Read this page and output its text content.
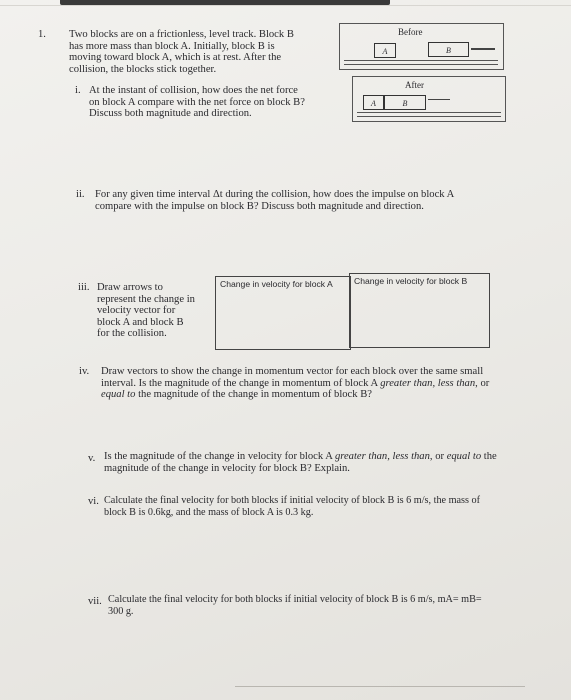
1. Two blocks are on a frictionless, level track. Block B
has more mass than block A. Initially, block B is
moving toward block A, which is at rest. After the
collision, the blocks stick together.
Before
A	B
After
A	B
i. At the instant of collision, how does the net force
on block A compare with the net force on block B?
Discuss both magnitude and direction.
ii. For any given time interval Δt during the collision, how does the impulse on block A
compare with the impulse on block B? Discuss both magnitude and direction.
iii. Draw arrows to
represent the change in
velocity vector for
block A and block B
for the collision.
Change in velocity for block A	Change in velocity for block B
iv. Draw vectors to show the change in momentum vector for each block over the same small
interval. Is the magnitude of the change in momentum of block A greater than, less than, or
equal to the magnitude of the change in momentum of block B?
v. Is the magnitude of the change in velocity for block A greater than, less than, or equal to the
magnitude of the change in velocity for block B? Explain.
vi. Calculate the final velocity for both blocks if initial velocity of block B is 6 m/s, the mass of
block B is 0.6kg, and the mass of block A is 0.3 kg.
vii. Calculate the final velocity for both blocks if initial velocity of block B is 6 m/s, mA= mB=
300 g.
